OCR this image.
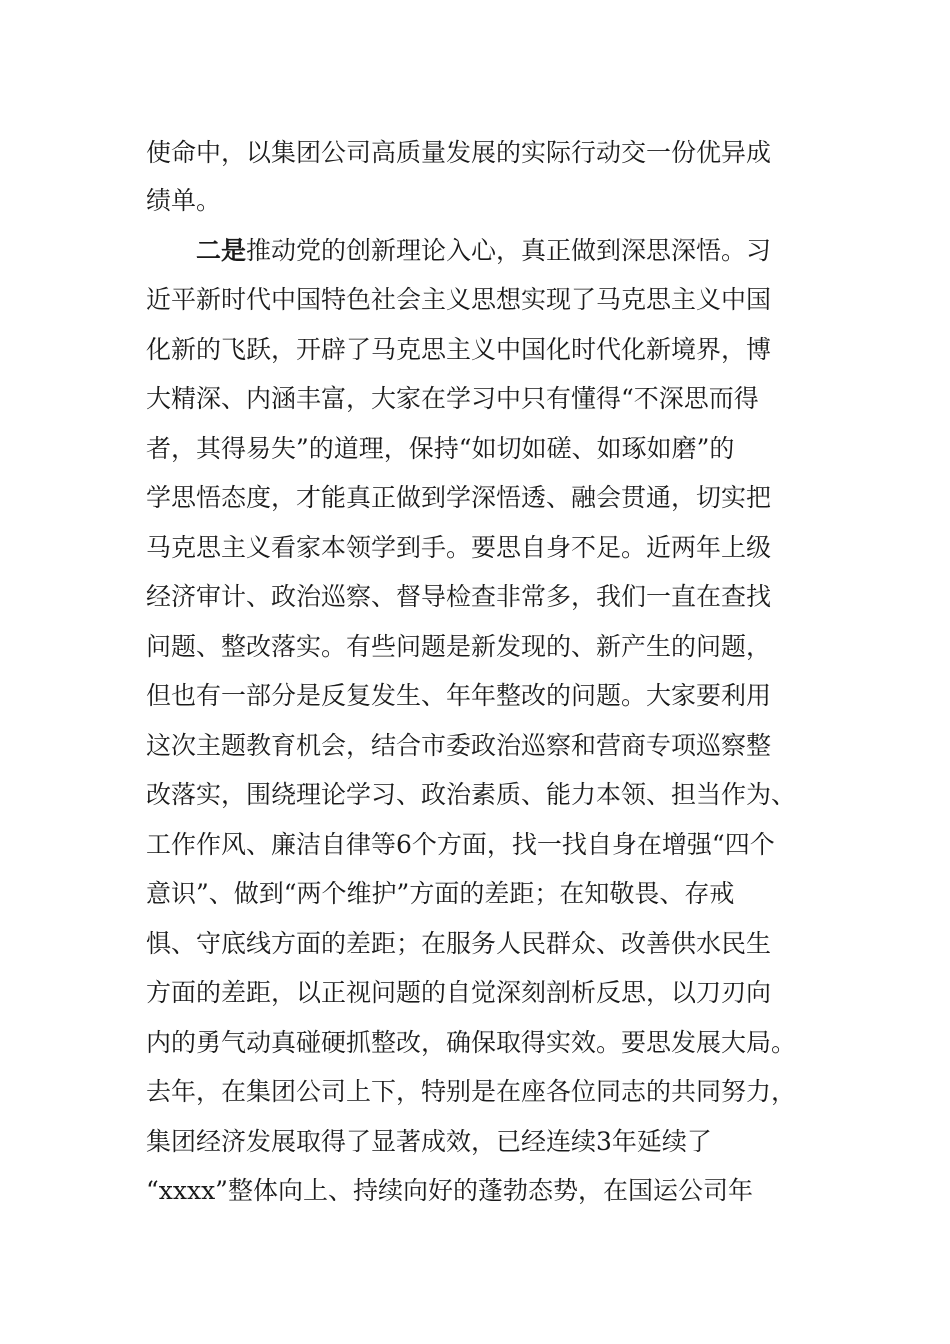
使命中，以集团公司高质量发展的实际行动交一份优异成

绩单。

二是推动党的创新理论入心，真正做到深思深悟。习

近平新时代中国特色社会主义思想实现了马克思主义中国

化新的飞跃，开辟了马克思主义中国化时代化新境界，博

大精深、内涵丰富，大家在学习中只有懂得“不深思而得

者，其得易失”的道理，保持“如切如磋、如琢如磨”的

学思悟态度，才能真正做到学深悟透、融会贯通，切实把

马克思主义看家本领学到手。要思自身不足。近两年上级

经济审计、政治巡察、督导检查非常多，我们一直在查找

问题、整改落实。有些问题是新发现的、新产生的问题，

但也有一部分是反复发生、年年整改的问题。大家要利用

这次主题教育机会，结合市委政治巡察和营商专项巡察整

改落实，围绕理论学习、政治素质、能力本领、担当作为、

工作作风、廉洁自律等6个方面，找一找自身在增强“四个

意识”、做到“两个维护”方面的差距；在知敬畏、存戒

惧、守底线方面的差距；在服务人民群众、改善供水民生

方面的差距，以正视问题的自觉深刻剖析反思，以刀刃向

内的勇气动真碰硬抓整改，确保取得实效。要思发展大局。

去年，在集团公司上下，特别是在座各位同志的共同努力，

集团经济发展取得了显著成效，已经连续3年延续了

“xxxx”整体向上、持续向好的蓬勃态势，在国运公司年
